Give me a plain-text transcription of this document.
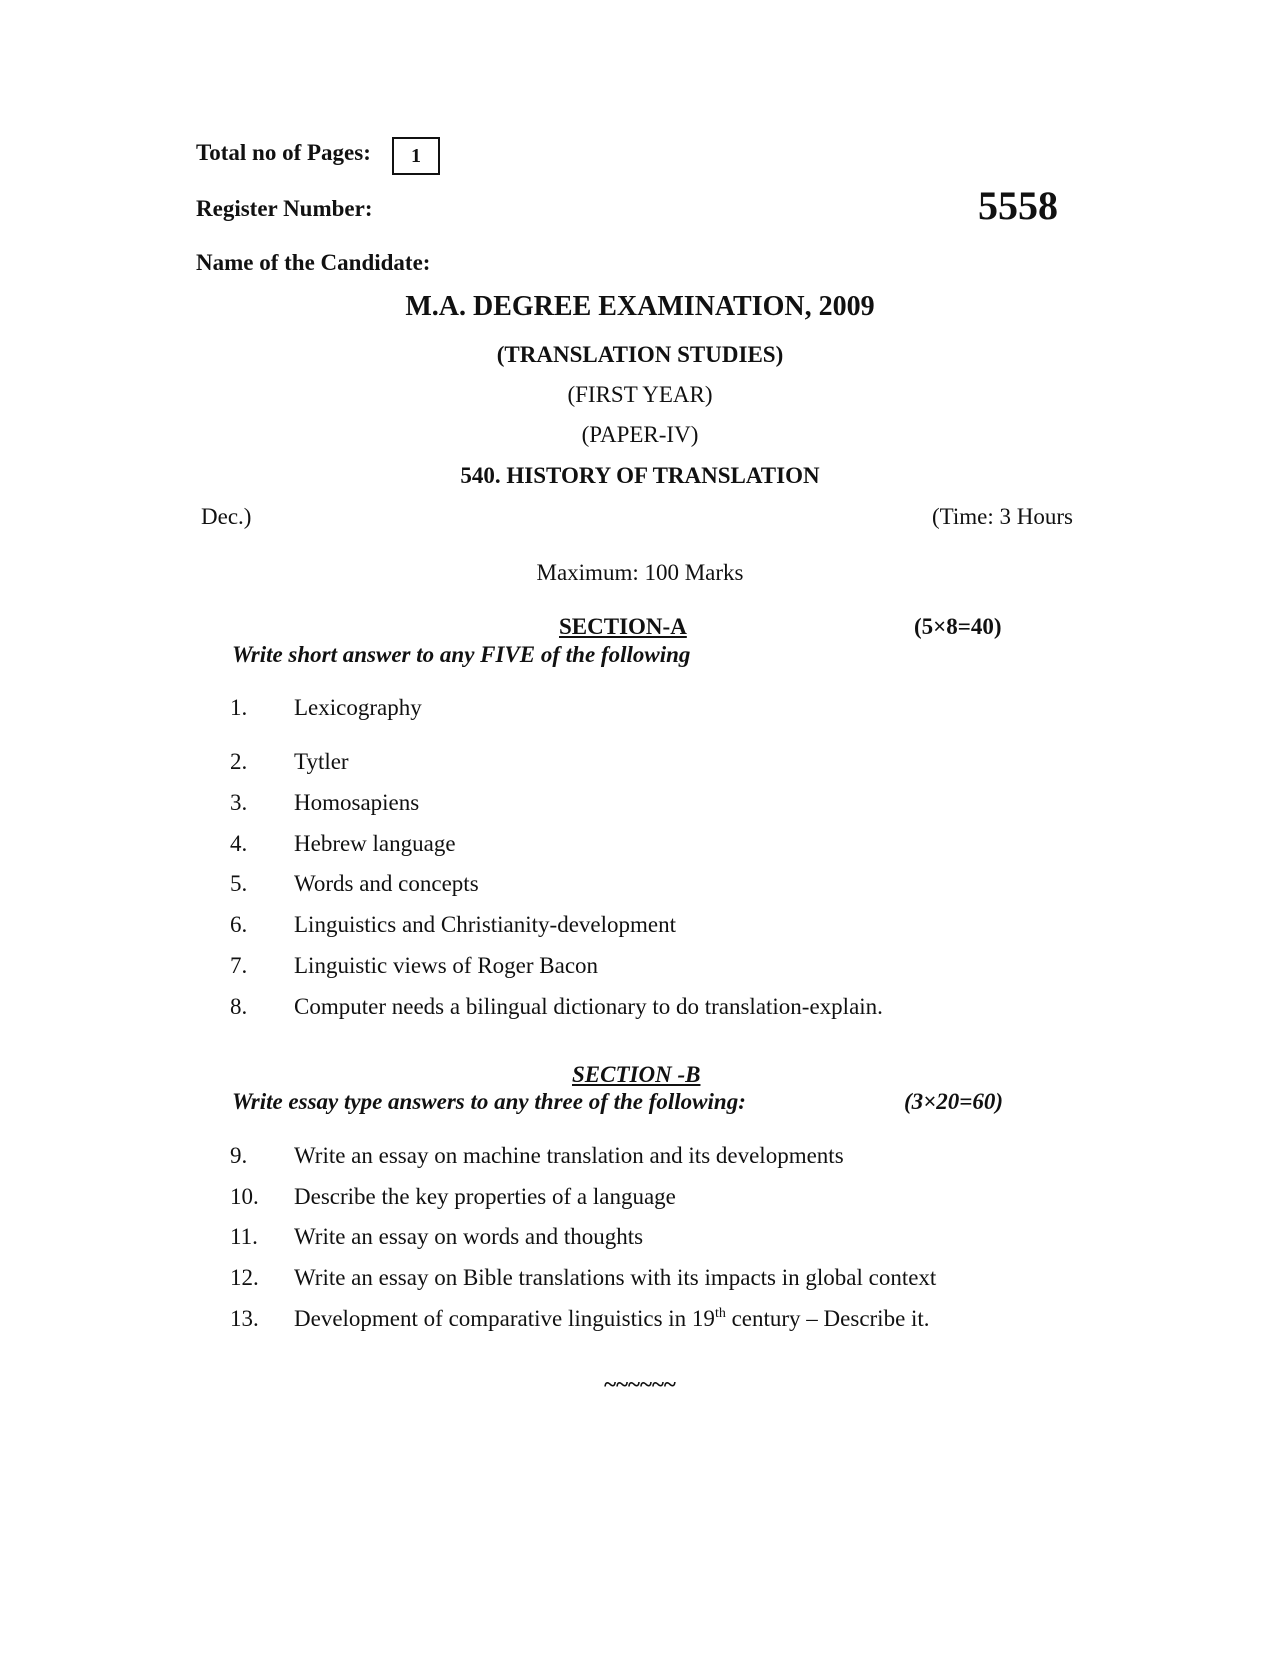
Total no of Pages:	1
Register Number:	5558
Name of the Candidate:
M.A. DEGREE EXAMINATION, 2009
(TRANSLATION STUDIES)
(FIRST YEAR)
(PAPER-IV)
540. HISTORY OF TRANSLATION
Dec.)	(Time: 3 Hours
Maximum: 100 Marks
SECTION-A	(5×8=40)
Write short answer to any FIVE of the following
1.	Lexicography
2.	Tytler
3.	Homosapiens
4.	Hebrew language
5.	Words and concepts
6.	Linguistics and Christianity-development
7.	Linguistic views of Roger Bacon
8.	Computer needs a bilingual dictionary to do translation-explain.
SECTION -B
Write essay type answers to any three of the following:	(3×20=60)
9.	Write an essay on machine translation and its developments
10.	Describe the key properties of a language
11.	Write an essay on words and thoughts
12.	Write an essay on Bible translations with its impacts in global context
13.	Development of comparative linguistics in 19th century – Describe it.
~~~~~~
